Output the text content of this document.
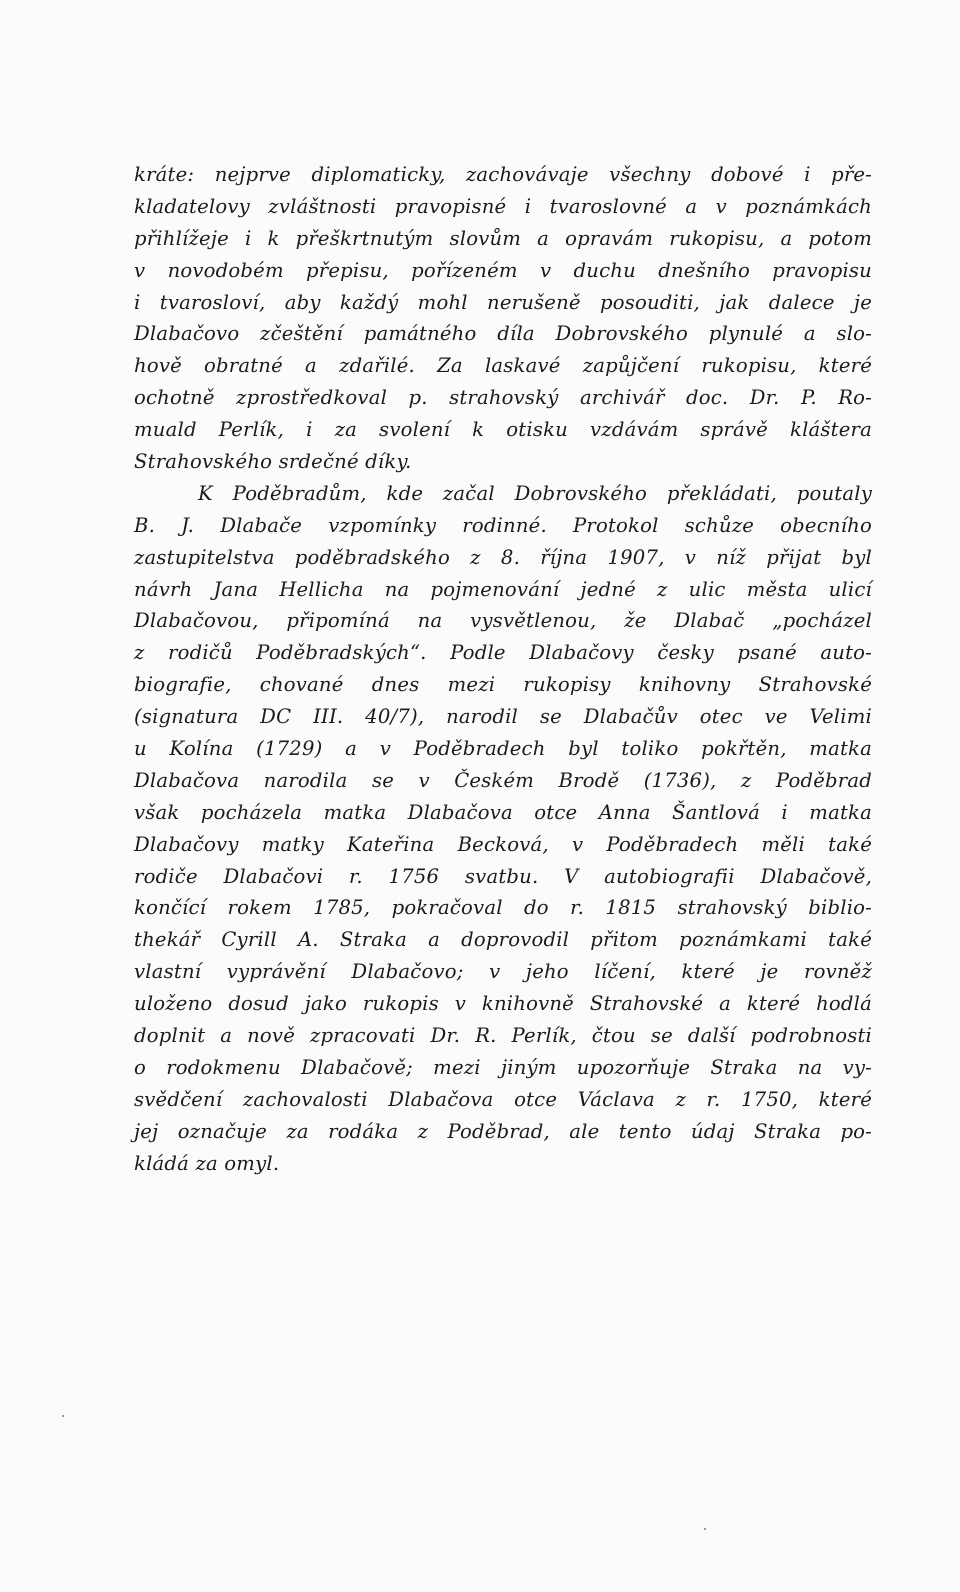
kráte: nejprve diplomaticky, zachovávaje všechny dobové i pře-
kladatelovy zvláštnosti pravopisné i tvaroslovné a v poznámkách
přihlížeje i k přeškrtnutým slovům a opravám rukopisu, a potom
v novodobém přepisu, pořízeném v duchu dnešního pravopisu
i tvarosloví, aby každý mohl nerušeně posouditi, jak dalece je
Dlabačovo zčeštění památného díla Dobrovského plynulé a slo-
hově obratné a zdařilé. Za laskavé zapůjčení rukopisu, které
ochotně zprostředkoval p. strahovský archivář doc. Dr. P. Ro-
muald Perlík, i za svolení k otisku vzdávám správě kláštera
Strahovského srdečné díky.
K Poděbradům, kde začal Dobrovského překládati, poutaly
B. J. Dlabače vzpomínky rodinné. Protokol schůze obecního
zastupitelstva poděbradského z 8. října 1907, v níž přijat byl
návrh Jana Hellicha na pojmenování jedné z ulic města ulicí
Dlabačovou, připomíná na vysvětlenou, že Dlabač „pocházel
z rodičů Poděbradských“. Podle Dlabačovy česky psané auto-
biografie, chované dnes mezi rukopisy knihovny Strahovské
(signatura DC III. 40/7), narodil se Dlabačův otec ve Velimi
u Kolína (1729) a v Poděbradech byl toliko pokřtěn, matka
Dlabačova narodila se v Českém Brodě (1736), z Poděbrad
však pocházela matka Dlabačova otce Anna Šantlová i matka
Dlabačovy matky Kateřina Becková, v Poděbradech měli také
rodiče Dlabačovi r. 1756 svatbu. V autobiografii Dlabačově,
končící rokem 1785, pokračoval do r. 1815 strahovský biblio-
thekář Cyrill A. Straka a doprovodil přitom poznámkami také
vlastní vyprávění Dlabačovo; v jeho líčení, které je rovněž
uloženo dosud jako rukopis v knihovně Strahovské a které hodlá
doplnit a nově zpracovati Dr. R. Perlík, čtou se další podrobnosti
o rodokmenu Dlabačově; mezi jiným upozorňuje Straka na vy-
svědčení zachovalosti Dlabačova otce Václava z r. 1750, které
jej označuje za rodáka z Poděbrad, ale tento údaj Straka po-
kládá za omyl.
